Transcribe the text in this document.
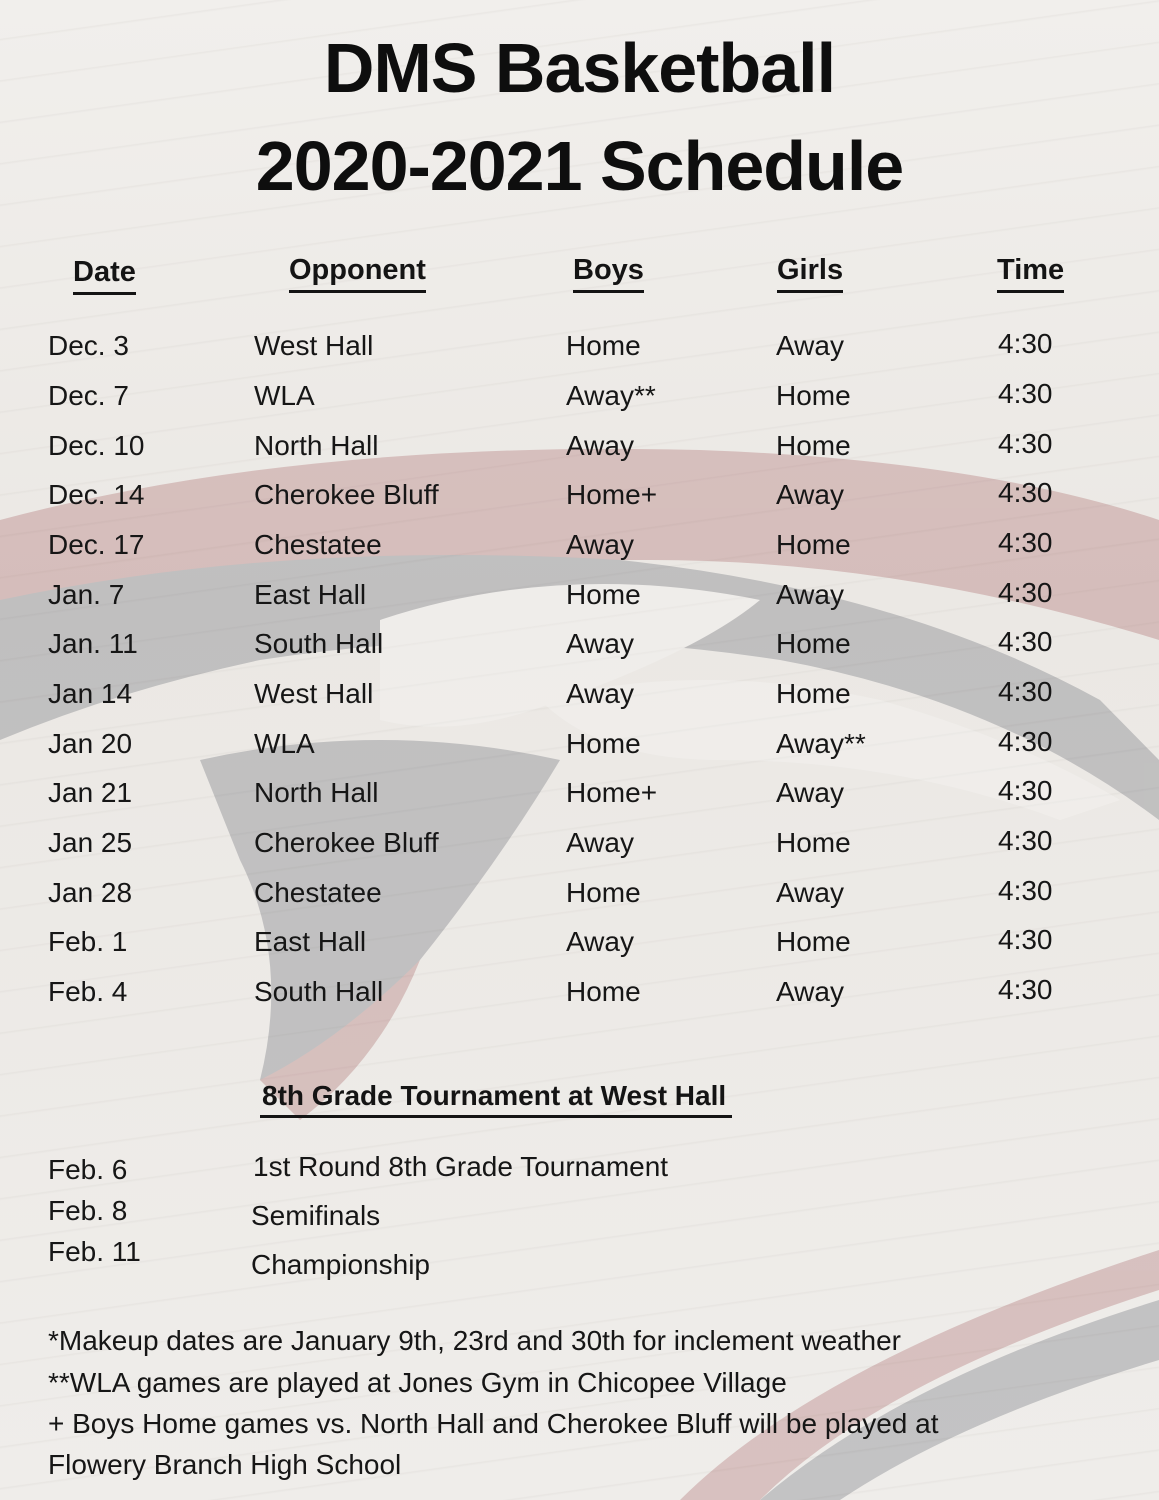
DMS Basketball
2020-2021 Schedule
Date	Opponent	Boys	Girls	Time
Dec. 3	West Hall	Home	Away	4:30
Dec. 7	WLA	Away**	Home	4:30
Dec. 10	North Hall	Away	Home	4:30
Dec. 14	Cherokee Bluff	Home+	Away	4:30
Dec. 17	Chestatee	Away	Home	4:30
Jan. 7	East Hall	Home	Away	4:30
Jan. 11	South Hall	Away	Home	4:30
Jan 14	West Hall	Away	Home	4:30
Jan 20	WLA	Home	Away**	4:30
Jan 21	North Hall	Home+	Away	4:30
Jan 25	Cherokee Bluff	Away	Home	4:30
Jan 28	Chestatee	Home	Away	4:30
Feb. 1	East Hall	Away	Home	4:30
Feb. 4	South Hall	Home	Away	4:30
8th Grade Tournament at West Hall
Feb. 6	1st Round 8th Grade Tournament
Feb. 8	Semifinals
Feb. 11	Championship
*Makeup dates are January 9th, 23rd and 30th for inclement weather
**WLA games are played at Jones Gym in Chicopee Village
+ Boys Home games vs. North Hall and Cherokee Bluff will be played at
Flowery Branch High School
